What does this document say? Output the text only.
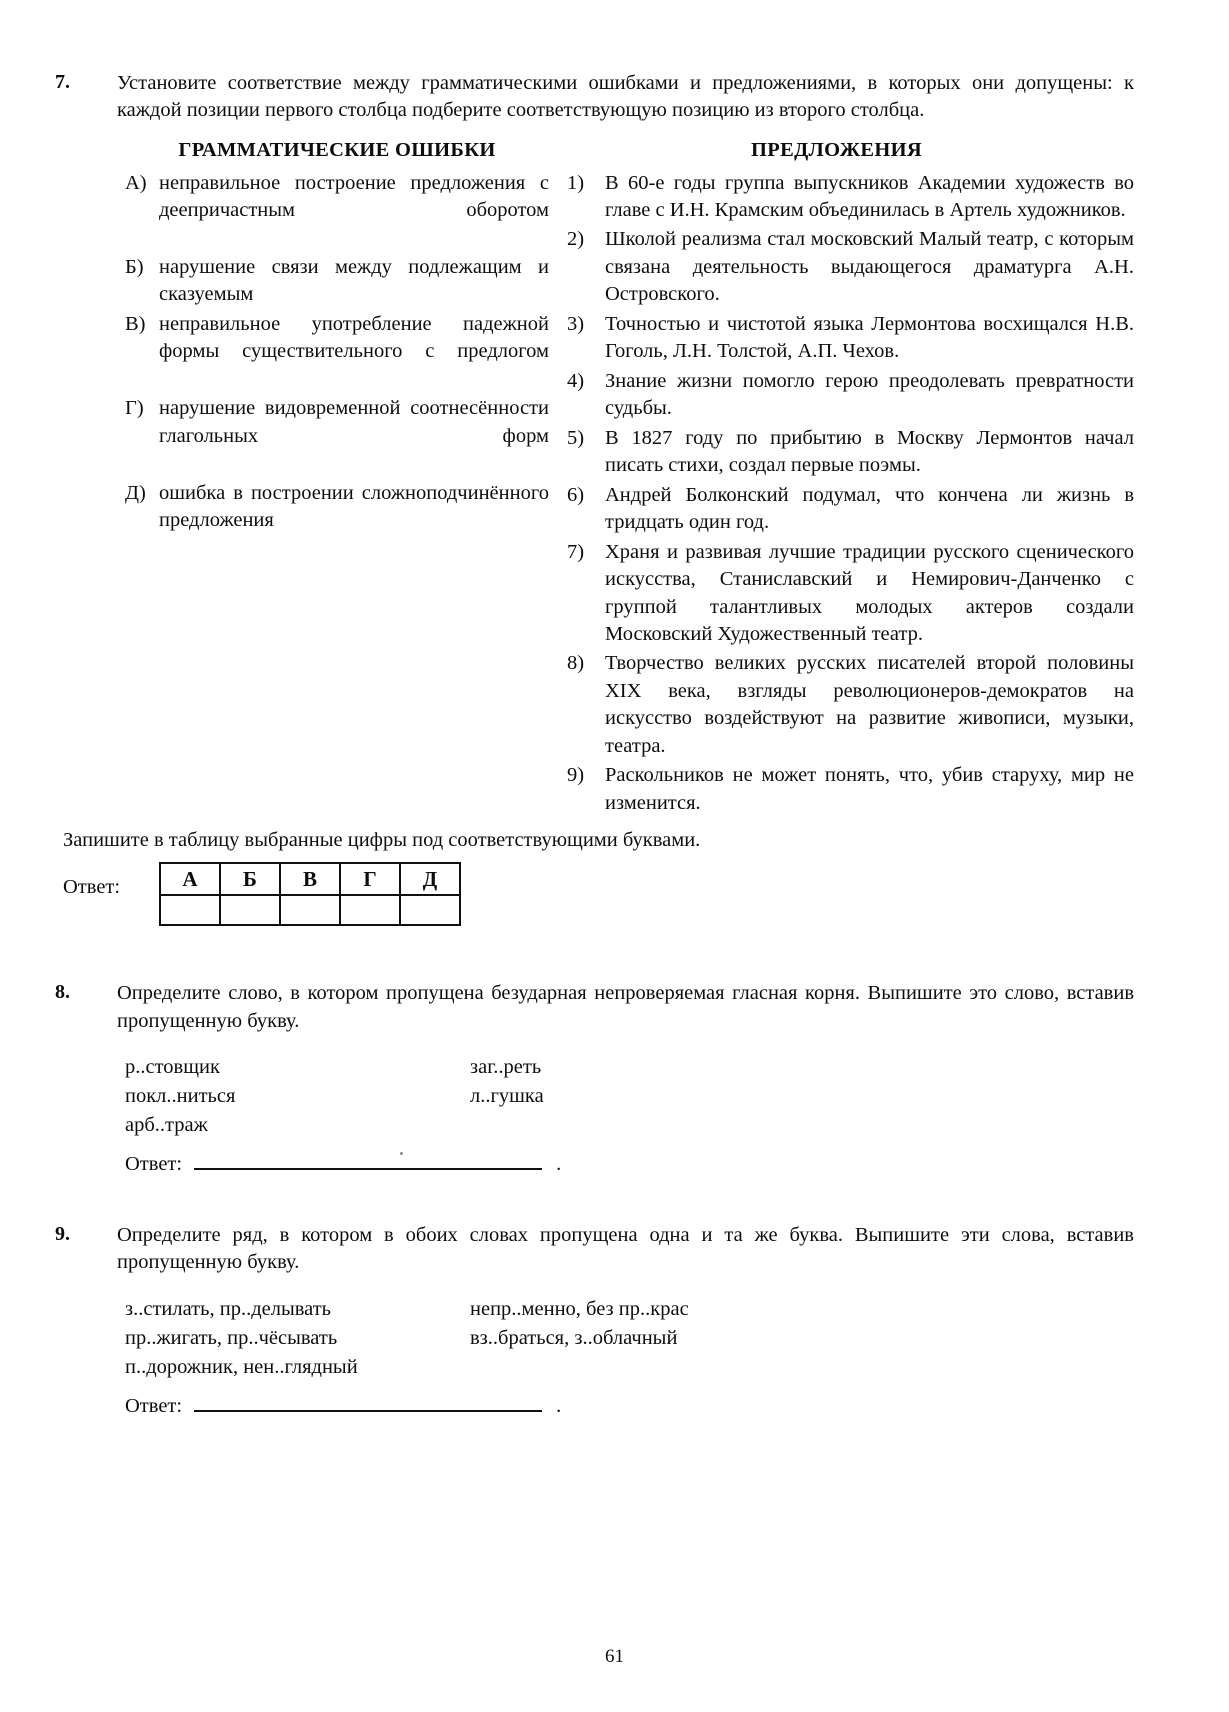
7.	Установите соответствие между грамматическими ошибками и предложениями, в которых они допущены: к каждой позиции первого столбца подберите соответствующую позицию из второго столбца.
ГРАММАТИЧЕСКИЕ ОШИБКИ
А) неправильное построение предложения с деепричастным оборотом
Б) нарушение связи между подлежащим и сказуемым
В) неправильное употребление падежной формы существительного с предлогом
Г) нарушение видовременной соотнесённости глагольных форм
Д) ошибка в построении сложноподчинённого предложения
ПРЕДЛОЖЕНИЯ
1)	В 60-е годы группа выпускников Академии художеств во главе с И.Н. Крамским объединилась в Артель художников.
2)	Школой реализма стал московский Малый театр, с которым связана деятельность выдающегося драматурга А.Н. Островского.
3)	Точностью и чистотой языка Лермонтова восхищался Н.В. Гоголь, Л.Н. Толстой, А.П. Чехов.
4)	Знание жизни помогло герою преодолевать превратности судьбы.
5)	В 1827 году по прибытию в Москву Лермонтов начал писать стихи, создал первые поэмы.
6)	Андрей Болконский подумал, что кончена ли жизнь в тридцать один год.
7)	Храня и развивая лучшие традиции русского сценического искусства, Станиславский и Немирович-Данченко с группой талантливых молодых актеров создали Московский Художественный театр.
8)	Творчество великих русских писателей второй половины XIX века, взгляды революционеров-демократов на искусство воздействуют на развитие живописи, музыки, театра.
9)	Раскольников не может понять, что, убив старуху, мир не изменится.
Запишите в таблицу выбранные цифры под соответствующими буквами.
Ответ:	А	Б	В	Г	Д

8.	Определите слово, в котором пропущена безударная непроверяемая гласная корня. Выпишите это слово, вставив пропущенную букву.
р..стовщик	заг..реть
покл..ниться	л..гушка
арб..траж
Ответ:	.
9.	Определите ряд, в котором в обоих словах пропущена одна и та же буква. Выпишите эти слова, вставив пропущенную букву.
з..стилать, пр..делывать	непр..менно, без пр..крас
пр..жигать, пр..чёсывать	вз..браться, з..облачный
п..дорожник, нен..глядный
Ответ:	.
61
